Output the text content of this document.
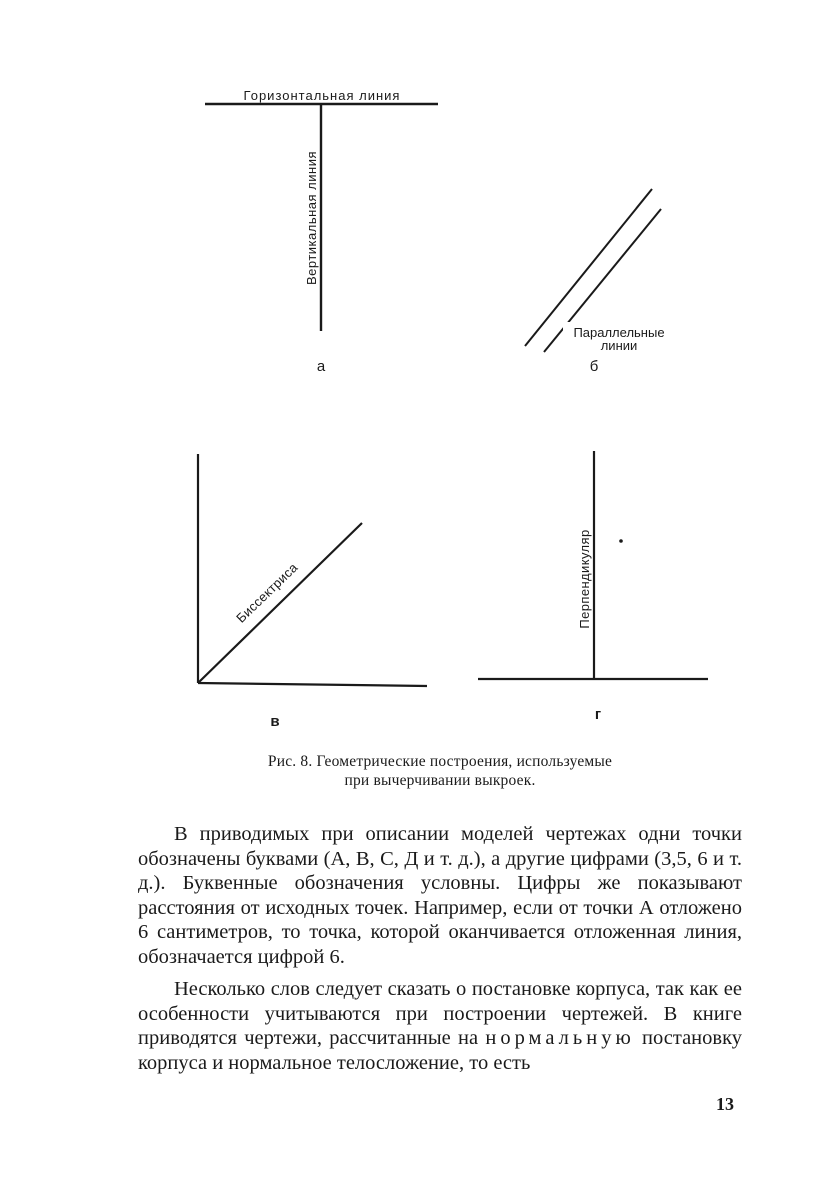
Горизонтальная линия
Вертикальная линия
а
Параллельные
линии
б
Биссектриса
в
Перпендикуляр
г
Рис. 8. Геометрические построения, используемые
при вычерчивании выкроек.

В приводимых при описании моделей чертежах одни точки обозначены буквами (А, В, С, Д и т. д.), а другие цифрами (3,5, 6 и т. д.). Буквенные обозначения условны. Цифры же показывают расстояния от исходных точек. Например, если от точки А отложено 6 сантиметров, то точка, которой оканчивается отложенная линия, обозначается цифрой 6.

Несколько слов следует сказать о постановке корпуса, так как ее особенности учитываются при построении чертежей. В книге приводятся чертежи, рассчитанные на нормальную постановку корпуса и нормальное телосложение, то есть

13
